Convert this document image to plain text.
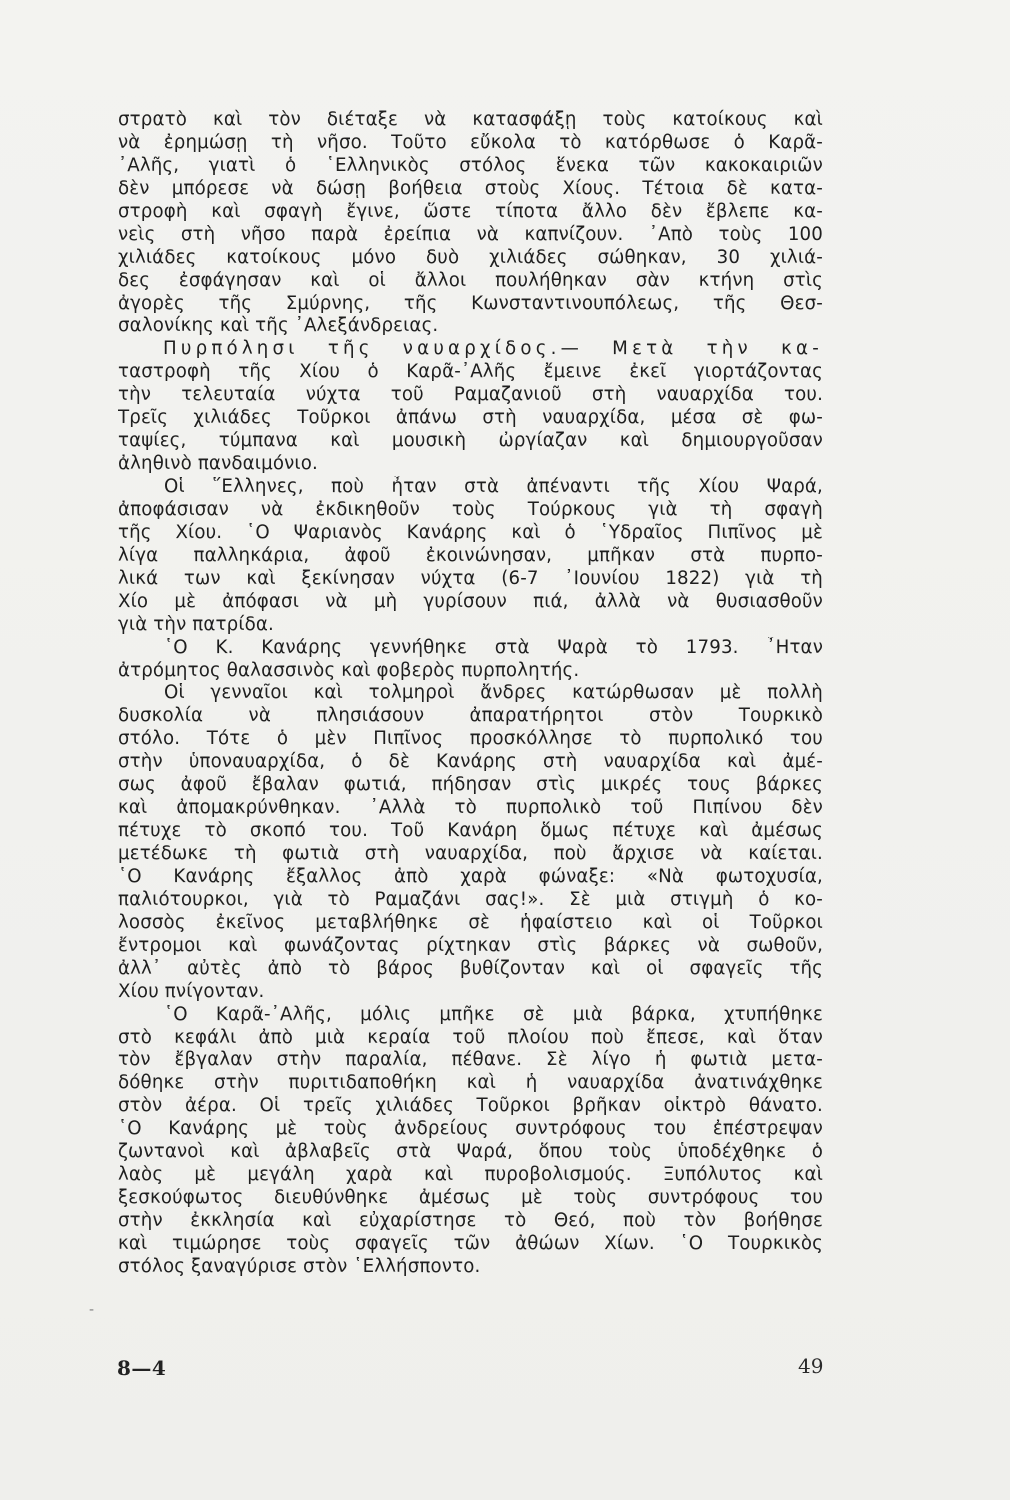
στρατὸ καὶ τὸν διέταξε νὰ κατασφάξῃ τοὺς κατοίκους καὶ
νὰ ἐρημώσῃ τὴ νῆσο. Τοῦτο εὔκολα τὸ κατόρθωσε ὁ Καρᾶ-
᾿Αλῆς, γιατὶ ὁ ῾Ελληνικὸς στόλος ἕνεκα τῶν κακοκαιριῶν
δὲν μπόρεσε νὰ δώσῃ βοήθεια στοὺς Χίους. Τέτοια δὲ κατα-
στροφὴ καὶ σφαγὴ ἔγινε, ὥστε τίποτα ἄλλο δὲν ἔβλεπε κα-
νεὶς στὴ νῆσο παρὰ ἐρείπια νὰ καπνίζουν. ᾿Απὸ τοὺς 100
χιλιάδες κατοίκους μόνο δυὸ χιλιάδες σώθηκαν, 30 χιλιά-
δες ἐσφάγησαν καὶ οἱ ἄλλοι πουλήθηκαν σὰν κτήνη στὶς
ἀγορὲς τῆς Σμύρνης, τῆς Κωνσταντινουπόλεως, τῆς Θεσ-
σαλονίκης καὶ τῆς ᾿Αλεξάνδρειας.
Πυρπόλησι τῆς ναυαρχίδος.— Μετὰ τὴν κα-
ταστροφὴ τῆς Χίου ὁ Καρᾶ-᾿Αλῆς ἔμεινε ἐκεῖ γιορτάζοντας
τὴν τελευταία νύχτα τοῦ Ραμαζανιοῦ στὴ ναυαρχίδα του.
Τρεῖς χιλιάδες Τοῦρκοι ἀπάνω στὴ ναυαρχίδα, μέσα σὲ φω-
ταψίες, τύμπανα καὶ μουσικὴ ὠργίαζαν καὶ δημιουργοῦσαν
ἀληθινὸ πανδαιμόνιο.
Οἱ ῞Ελληνες, ποὺ ἦταν στὰ ἀπέναντι τῆς Χίου Ψαρά,
ἀποφάσισαν νὰ ἐκδικηθοῦν τοὺς Τούρκους γιὰ τὴ σφαγὴ
τῆς Χίου. ῾Ο Ψαριανὸς Κανάρης καὶ ὁ ῾Υδραῖος Πιπῖνος μὲ
λίγα παλληκάρια, ἀφοῦ ἐκοινώνησαν, μπῆκαν στὰ πυρπο-
λικά των καὶ ξεκίνησαν νύχτα (6-7 ᾿Ιουνίου 1822) γιὰ τὴ
Χίο μὲ ἀπόφασι νὰ μὴ γυρίσουν πιά, ἀλλὰ νὰ θυσιασθοῦν
γιὰ τὴν πατρίδα.
῾Ο Κ. Κανάρης γεννήθηκε στὰ Ψαρὰ τὸ 1793. ῏Ηταν
ἀτρόμητος θαλασσινὸς καὶ φοβερὸς πυρπολητής.
Οἱ γενναῖοι καὶ τολμηροὶ ἄνδρες κατώρθωσαν μὲ πολλὴ
δυσκολία νὰ πλησιάσουν ἀπαρατήρητοι στὸν Τουρκικὸ
στόλο. Τότε ὁ μὲν Πιπῖνος προσκόλλησε τὸ πυρπολικό του
στὴν ὑποναυαρχίδα, ὁ δὲ Κανάρης στὴ ναυαρχίδα καὶ ἀμέ-
σως ἀφοῦ ἔβαλαν φωτιά, πήδησαν στὶς μικρές τους βάρκες
καὶ ἀπομακρύνθηκαν. ᾿Αλλὰ τὸ πυρπολικὸ τοῦ Πιπίνου δὲν
πέτυχε τὸ σκοπό του. Τοῦ Κανάρη ὅμως πέτυχε καὶ ἀμέσως
μετέδωκε τὴ φωτιὰ στὴ ναυαρχίδα, ποὺ ἄρχισε νὰ καίεται.
῾Ο Κανάρης ἔξαλλος ἀπὸ χαρὰ φώναξε: «Νὰ φωτοχυσία,
παλιότουρκοι, γιὰ τὸ Ραμαζάνι σας!». Σὲ μιὰ στιγμὴ ὁ κο-
λοσσὸς ἐκεῖνος μεταβλήθηκε σὲ ἡφαίστειο καὶ οἱ Τοῦρκοι
ἔντρομοι καὶ φωνάζοντας ρίχτηκαν στὶς βάρκες νὰ σωθοῦν,
ἀλλ᾿ αὐτὲς ἀπὸ τὸ βάρος βυθίζονταν καὶ οἱ σφαγεῖς τῆς
Χίου πνίγονταν.
῾Ο Καρᾶ-᾿Αλῆς, μόλις μπῆκε σὲ μιὰ βάρκα, χτυπήθηκε
στὸ κεφάλι ἀπὸ μιὰ κεραία τοῦ πλοίου ποὺ ἔπεσε, καὶ ὅταν
τὸν ἔβγαλαν στὴν παραλία, πέθανε. Σὲ λίγο ἡ φωτιὰ μετα-
δόθηκε στὴν πυριτιδαποθήκη καὶ ἡ ναυαρχίδα ἀνατινάχθηκε
στὸν ἀέρα. Οἱ τρεῖς χιλιάδες Τοῦρκοι βρῆκαν οἰκτρὸ θάνατο.
῾Ο Κανάρης μὲ τοὺς ἀνδρείους συντρόφους του ἐπέστρεψαν
ζωντανοὶ καὶ ἀβλαβεῖς στὰ Ψαρά, ὅπου τοὺς ὑποδέχθηκε ὁ
λαὸς μὲ μεγάλη χαρὰ καὶ πυροβολισμούς. Ξυπόλυτος καὶ
ξεσκούφωτος διευθύνθηκε ἀμέσως μὲ τοὺς συντρόφους του
στὴν ἐκκλησία καὶ εὐχαρίστησε τὸ Θεό, ποὺ τὸν βοήθησε
καὶ τιμώρησε τοὺς σφαγεῖς τῶν ἀθώων Χίων. ῾Ο Τουρκικὸς
στόλος ξαναγύρισε στὸν ῾Ελλήσποντο.
-
8—4	49
